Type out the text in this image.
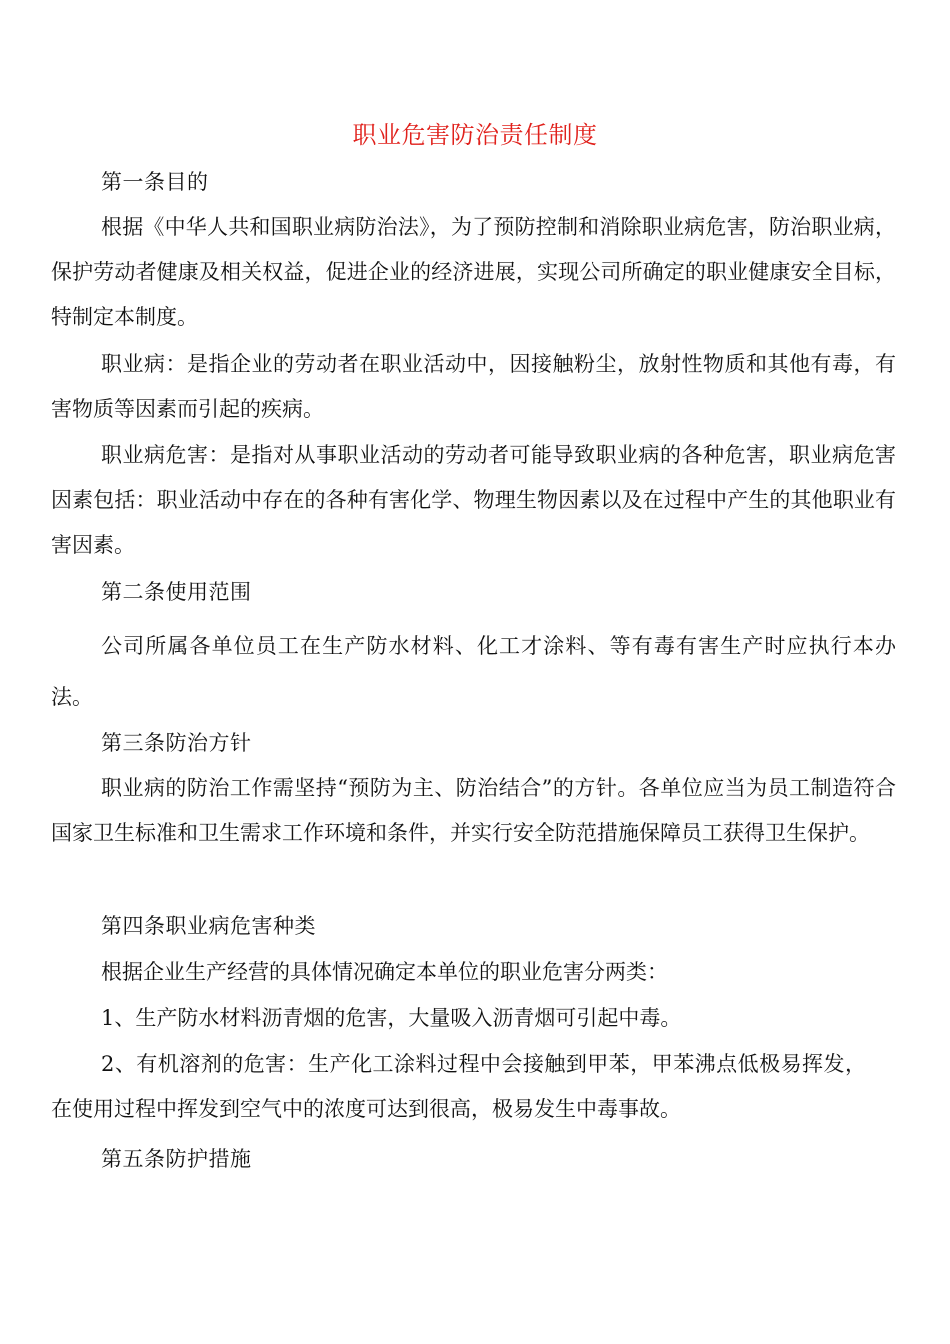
职业危害防治责任制度

第一条目的

根据《中华人共和国职业病防治法》，为了预防控制和消除职业病危害，防治职业病，保护劳动者健康及相关权益，促进企业的经济进展，实现公司所确定的职业健康安全目标，特制定本制度。

职业病：是指企业的劳动者在职业活动中，因接触粉尘，放射性物质和其他有毒，有害物质等因素而引起的疾病。

职业病危害：是指对从事职业活动的劳动者可能导致职业病的各种危害，职业病危害因素包括：职业活动中存在的各种有害化学、物理生物因素以及在过程中产生的其他职业有害因素。

第二条使用范围

公司所属各单位员工在生产防水材料、化工才涂料、等有毒有害生产时应执行本办法。

第三条防治方针

职业病的防治工作需坚持“预防为主、防治结合”的方针。各单位应当为员工制造符合国家卫生标准和卫生需求工作环境和条件，并实行安全防范措施保障员工获得卫生保护。

第四条职业病危害种类

根据企业生产经营的具体情况确定本单位的职业危害分两类：

1、生产防水材料沥青烟的危害，大量吸入沥青烟可引起中毒。

2、有机溶剂的危害：生产化工涂料过程中会接触到甲苯，甲苯沸点低极易挥发，在使用过程中挥发到空气中的浓度可达到很高，极易发生中毒事故。

第五条防护措施
